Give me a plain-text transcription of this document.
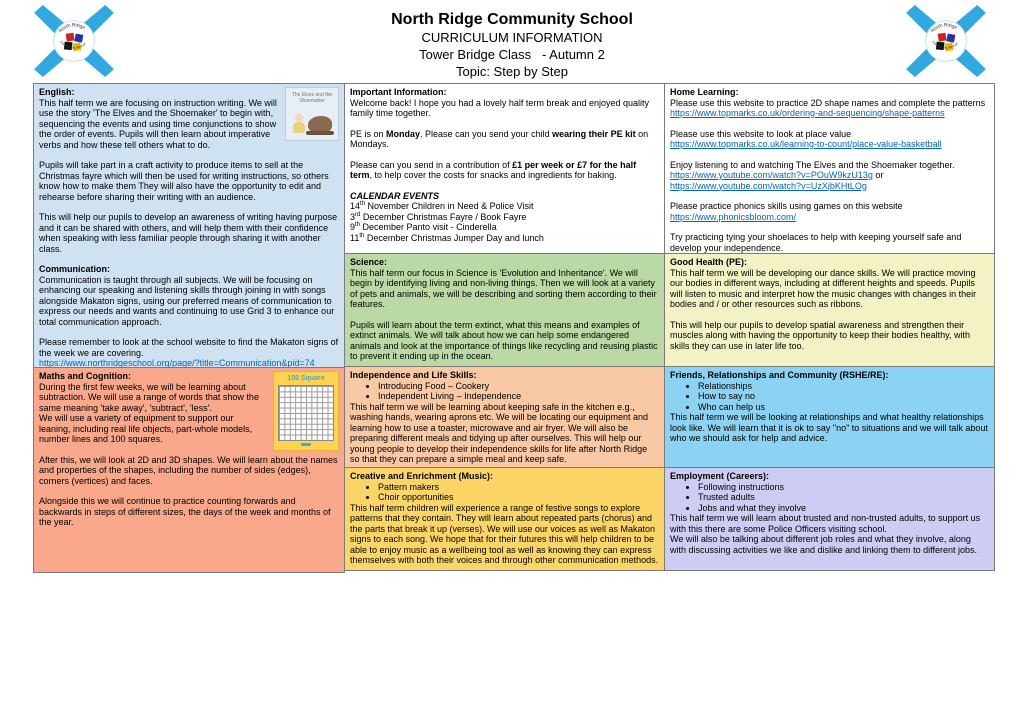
North Ridge
Community School
North Ridge
Community School
North Ridge Community School
CURRICULUM INFORMATION
Tower Bridge Class   - Autumn 2
Topic: Step by Step
The Elves and the Shoemaker
English:

This half term we are focusing on instruction writing. We will use the story 'The Elves and the Shoemaker' to begin with, sequencing the events and using time conjunctions to show the order of events. Pupils will then learn about imperative verbs and how these tell others what to do.

Pupils will take part in a craft activity to produce items to sell at the Christmas fayre which will then be used for writing instructions, so others know how to make them They will also have the opportunity to edit and rehearse before sharing their writing with an audience.

This will help our pupils to develop an awareness of writing having purpose and it can be shared with others, and will help them with their confidence when speaking with less familiar people through sharing it with another class.

Communication:

Communication is taught through all subjects. We will be focusing on enhancing our speaking and listening skills through joining in with songs alongside Makaton signs, using our preferred means of communication to express our needs and wants and continuing to use Grid 3 to enhance our total communication approach.

Please remember to look at the school website to find the Makaton signs of the week we are covering.

https://www.northridgeschool.org/page/?title=Communication&pid=74
100 Square
Maths and Cognition:

During the first few weeks, we will be learning about subtraction. We will use a range of words that show the same meaning 'take away', 'subtract', 'less'.

We will use a variety of equipment to support our leaning, including real life objects, part-whole models, number lines and 100 squares.

After this, we will look at 2D and 3D shapes. We will learn about the names and properties of the shapes, including the number of sides (edges), corners (vertices) and faces.

Alongside this we will continue to practice counting forwards and backwards in steps of different sizes, the days of the week and months of the year.

Important Information:

Welcome back! I hope you had a lovely half term break and enjoyed quality family time together.

PE is on Monday. Please can you send your child wearing their PE kit on Mondays.

Please can you send in a contribution of £1 per week or £7 for the half term, to help cover the costs for snacks and ingredients for baking.

CALENDAR EVENTS
14th November Children in Need & Police Visit
3rd December Christmas Fayre / Book Fayre
9th December Panto visit - Cinderella
11th December Christmas Jumper Day and lunch
Science:

This half term our focus in Science is 'Evolution and Inheritance'. We will begin by identifying living and non-living things. Then we will look at a variety of pets and animals, we will be describing and sorting them according to their features.

Pupils will learn about the term extinct, what this means and examples of extinct animals. We will talk about how we can help some endangered animals and look at the importance of things like recycling and reusing plastic to prevent it ending up in the ocean.

Independence and Life Skills:
• Introducing Food – Cookery
• Independent Living – Independence

This half term we will be learning about keeping safe in the kitchen e.g., washing hands, wearing aprons etc. We will be locating our equipment and learning how to use a toaster, microwave and air fryer. We will also be preparing different meals and tidying up after ourselves. This will help our young people to develop their independence skills for life after North Ridge so that they can prepare a simple meal and keep safe.

Creative and Enrichment (Music):
• Pattern makers
• Choir opportunities

This half term children will experience a range of festive songs to explore patterns that they contain. They will learn about repeated parts (chorus) and the parts that break it up (verses). We will use our voices as well as Makaton signs to each song. We hope that for their futures this will help children to be able to enjoy music as a wellbeing tool as well as knowing they can express themselves with both their voices and through other communication methods.

Home Learning:

Please use this website to practice 2D shape names and complete the patterns

https://www.topmarks.co.uk/ordering-and-sequencing/shape-patterns

Please use this website to look at place value https://www.topmarks.co.uk/learning-to-count/place-value-basketball

Enjoy listening to and watching The Elves and the Shoemaker together.

https://www.youtube.com/watch?v=POuW9kzU13g or

https://www.youtube.com/watch?v=UzXjbKHtLOg

Please practice phonics skills using games on this website

https://www.phonicsbloom.com/

Try practicing tying your shoelaces to help with keeping yourself safe and develop your independence.

Good Health (PE):

This half term we will be developing our dance skills. We will practice moving our bodies in different ways, including at different heights and speeds. Pupils will listen to music and interpret how the music changes with changes in their bodies and / or other resources such as ribbons.

This will help our pupils to develop spatial awareness and strengthen their muscles along with having the opportunity to keep their bodies healthy, with skills they can use in later life too.

Friends, Relationships and Community (RSHE/RE):
• Relationships
• How to say no
• Who can help us

This half term we will be looking at relationships and what healthy relationships look like. We will learn that it is ok to say "no" to situations and we will talk about who we should ask for help and advice.

Employment (Careers):
• Following instructions
• Trusted adults
• Jobs and what they involve

This half term we will learn about trusted and non-trusted adults, to support us with this there are some Police Officers visiting school.

We will also be talking about different job roles and what they involve, along with discussing activities we like and dislike and linking them to different jobs.
